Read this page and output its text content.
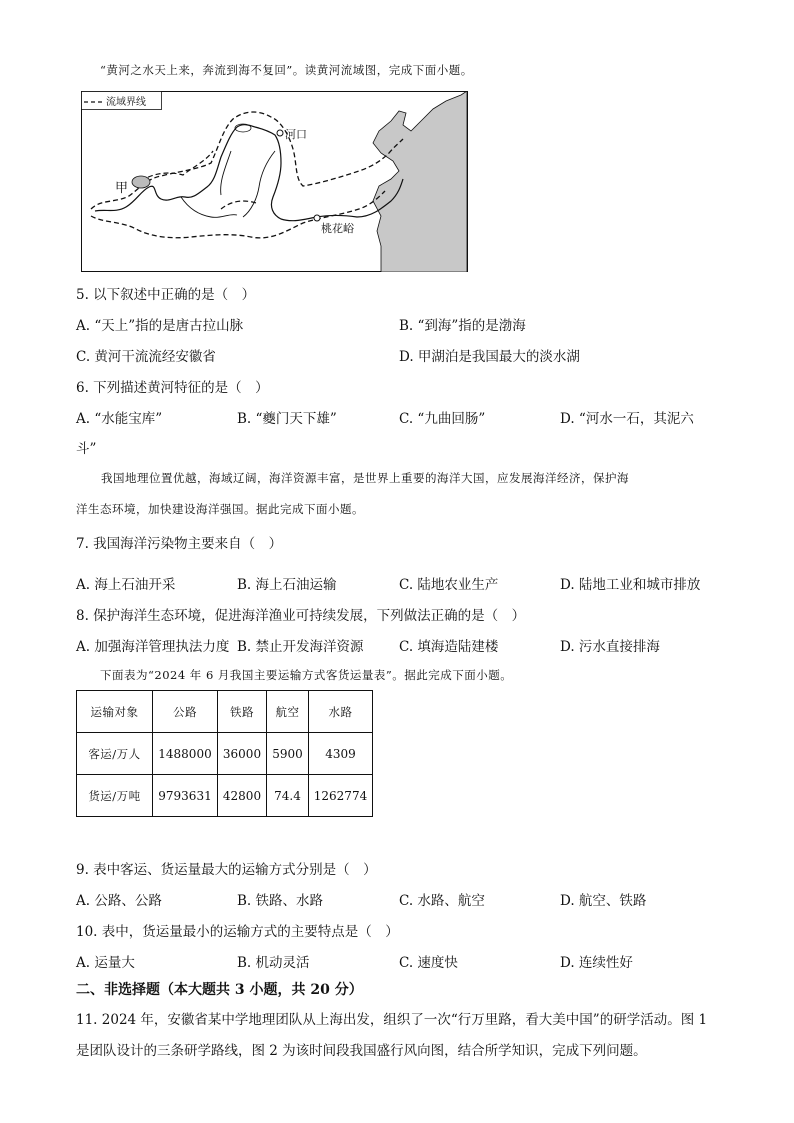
“黄河之水天上来，奔流到海不复回”。读黄河流域图，完成下面小题。
流域界线
甲
河口
桃花峪
5. 以下叙述中正确的是（　）
A. “天上”指的是唐古拉山脉	B. “到海”指的是渤海
C. 黄河干流流经安徽省	D. 甲湖泊是我国最大的淡水湖
6. 下列描述黄河特征的是（　）
A. “水能宝库”	B. “夔门天下雄”	C. “九曲回肠”	D. “河水一石，其泥六
斗”
我国地理位置优越，海域辽阔，海洋资源丰富，是世界上重要的海洋大国，应发展海洋经济，保护海
洋生态环境，加快建设海洋强国。据此完成下面小题。
7. 我国海洋污染物主要来自（　）
A. 海上石油开采	B. 海上石油运输	C. 陆地农业生产	D. 陆地工业和城市排放
8. 保护海洋生态环境，促进海洋渔业可持续发展，下列做法正确的是（　）
A. 加强海洋管理执法力度 B. 禁止开发海洋资源	C. 填海造陆建楼	D. 污水直接排海
下面表为“2024 年 6 月我国主要运输方式客货运量表”。据此完成下面小题。
运输对象	公路	铁路	航空	水路
客运/万人	1488000	36000	5900	4309
货运/万吨	9793631	42800	74.4	1262774
9. 表中客运、货运量最大的运输方式分别是（　）
A. 公路、公路	B. 铁路、水路	C. 水路、航空	D. 航空、铁路
10. 表中，货运量最小的运输方式的主要特点是（　）
A. 运量大	B. 机动灵活	C. 速度快	D. 连续性好
二、非选择题（本大题共 3 小题，共 20 分）
11. 2024 年，安徽省某中学地理团队从上海出发，组织了一次“行万里路，看大美中国”的研学活动。图 1
是团队设计的三条研学路线，图 2 为该时间段我国盛行风向图，结合所学知识，完成下列问题。
